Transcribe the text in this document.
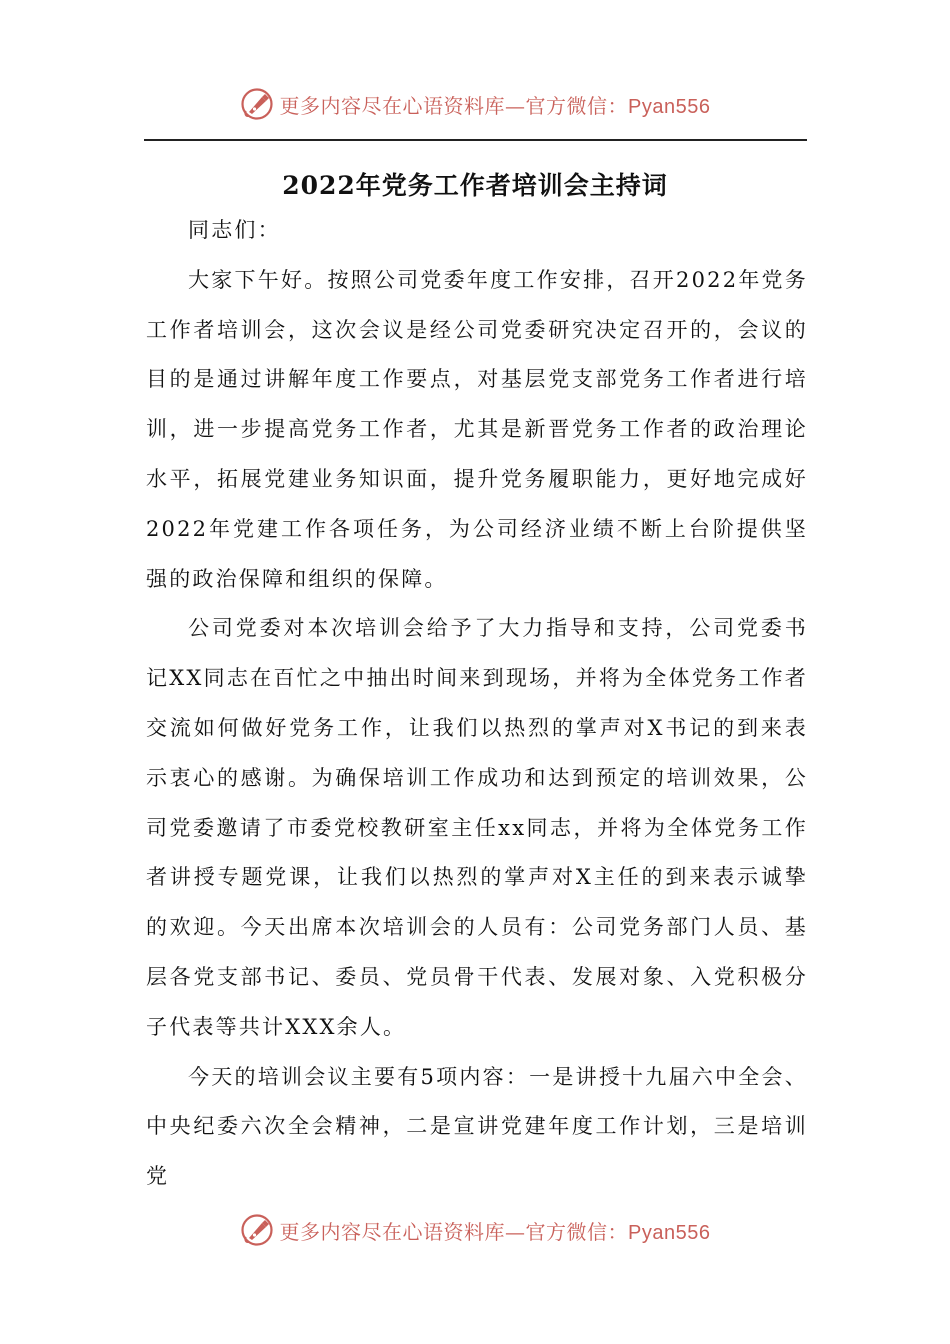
更多内容尽在心语资料库—官方微信：Pyan556
2022年党务工作者培训会主持词

同志们：

大家下午好。按照公司党委年度工作安排，召开2022年党务工作者培训会，这次会议是经公司党委研究决定召开的，会议的目的是通过讲解年度工作要点，对基层党支部党务工作者进行培训，进一步提高党务工作者，尤其是新晋党务工作者的政治理论水平，拓展党建业务知识面，提升党务履职能力，更好地完成好2022年党建工作各项任务，为公司经济业绩不断上台阶提供坚强的政治保障和组织的保障。

公司党委对本次培训会给予了大力指导和支持，公司党委书记XX同志在百忙之中抽出时间来到现场，并将为全体党务工作者交流如何做好党务工作，让我们以热烈的掌声对X书记的到来表示衷心的感谢。为确保培训工作成功和达到预定的培训效果，公司党委邀请了市委党校教研室主任xx同志，并将为全体党务工作者讲授专题党课，让我们以热烈的掌声对X主任的到来表示诚挚的欢迎。今天出席本次培训会的人员有：公司党务部门人员、基层各党支部书记、委员、党员骨干代表、发展对象、入党积极分子代表等共计XXX余人。

今天的培训会议主要有5项内容：一是讲授十九届六中全会、中央纪委六次全会精神，二是宣讲党建年度工作计划，三是培训党

更多内容尽在心语资料库—官方微信：Pyan556
